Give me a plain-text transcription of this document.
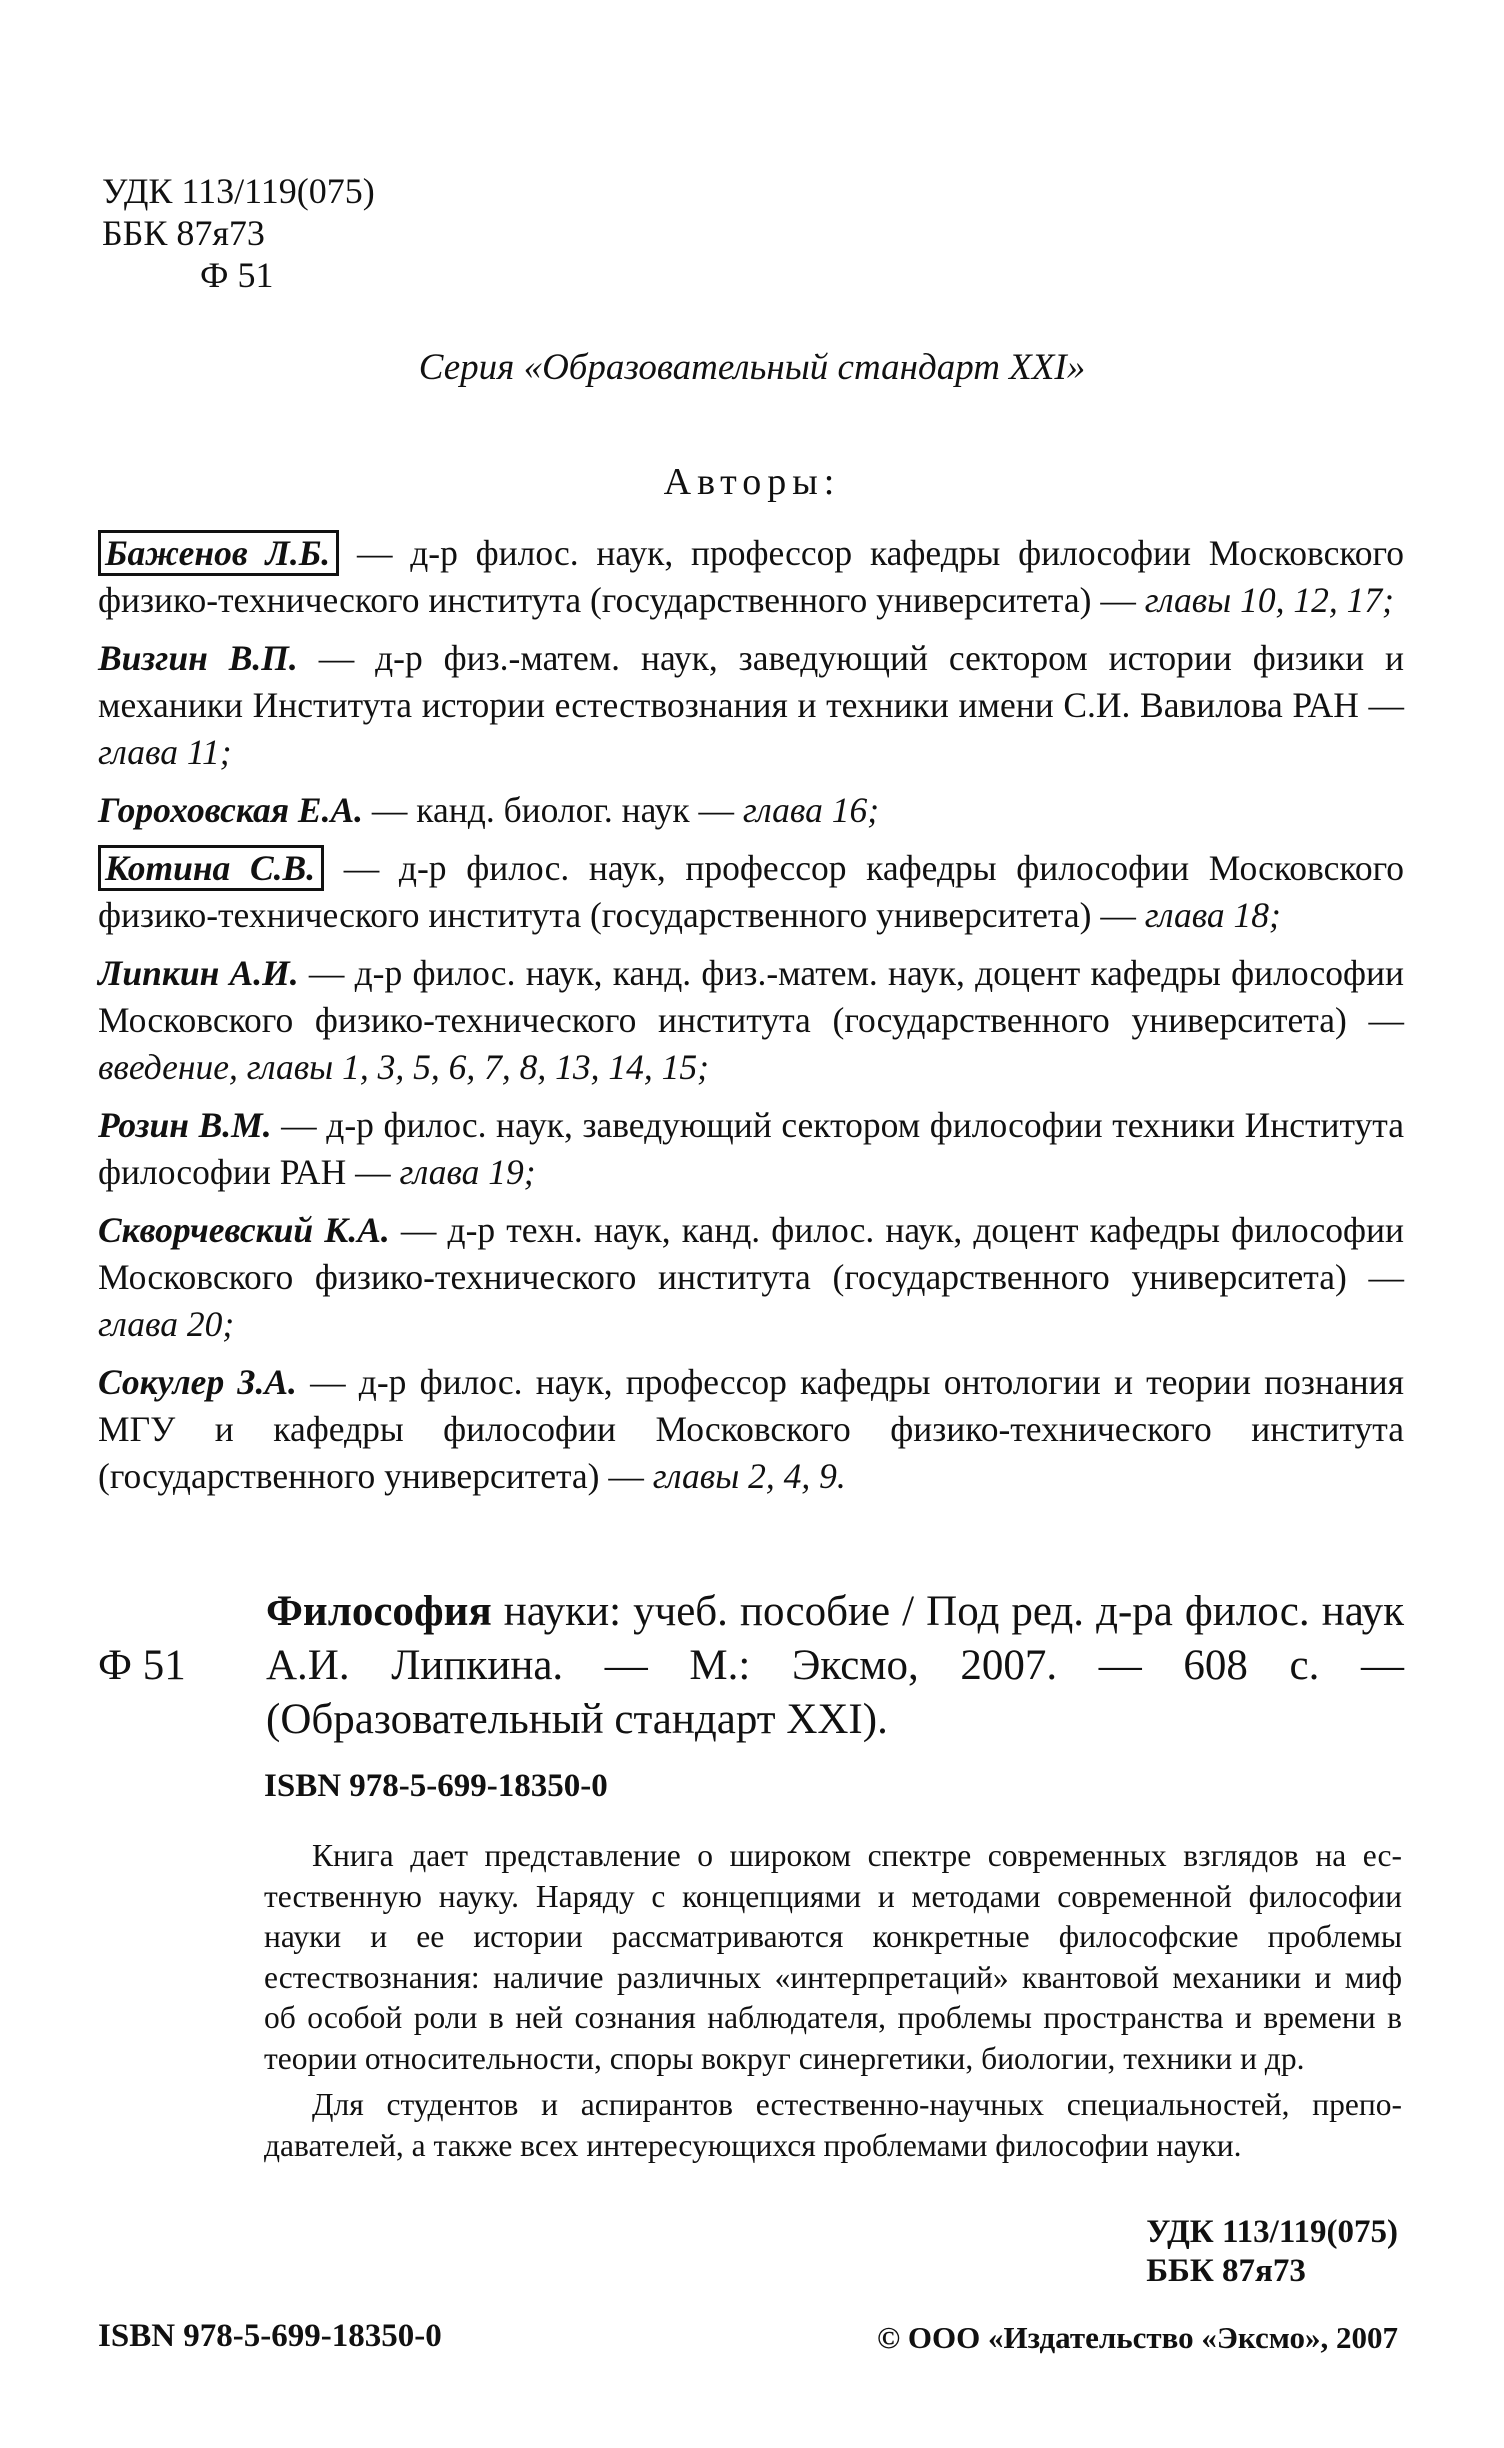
УДК 113/119(075)
ББК 87я73
Ф 51
Серия «Образовательный стандарт XXI»
Авторы:

Баженов Л.Б. — д-р филос. наук, профессор кафедры философии Московского физико-технического института (государственного университета) — главы 10, 12, 17;

Визгин В.П. — д-р физ.-матем. наук, заведующий сектором истории физики и механики Института истории естествознания и техники имени С.И. Вавилова РАН — глава 11;

Гороховская Е.А. — канд. биолог. наук — глава 16;

Котина С.В. — д-р филос. наук, профессор кафедры философии Московского физико-технического института (государственного университета) — глава 18;

Липкин А.И. — д-р филос. наук, канд. физ.-матем. наук, доцент кафедры философии Московского физико-технического института (государственного университета) — введение, главы 1, 3, 5, 6, 7, 8, 13, 14, 15;

Розин В.М. — д-р филос. наук, заведующий сектором философии техники Института философии РАН — глава 19;

Скворчевский К.А. — д-р техн. наук, канд. филос. наук, доцент кафедры философии Московского физико-технического института (государственного университета) — глава 20;

Сокулер З.А. — д-р филос. наук, профессор кафедры онтологии и теории познания МГУ и кафедры философии Московского физико-технического института (государственного университета) — главы 2, 4, 9.

Ф 51
Философия науки: учеб. пособие / Под ред. д-ра филос. наук А.И. Липкина. — М.: Эксмо, 2007. — 608 с. — (Образовательный стандарт XXI).
ISBN 978-5-699-18350-0

Книга дает представление о широком спектре современных взглядов на естественную науку. Наряду с концепциями и методами современной философии науки и ее истории рассматриваются конкретные философские проблемы естествознания: наличие различных «интерпретаций» квантовой механики и миф об особой роли в ней сознания наблюдателя, проблемы пространства и времени в теории относительности, споры вокруг синергетики, биологии, техники и др.

Для студентов и аспирантов естественно-научных специальностей, преподавателей, а также всех интересующихся проблемами философии науки.

УДК 113/119(075)
ББК 87я73
ISBN 978-5-699-18350-0	© ООО «Издательство «Эксмо», 2007
